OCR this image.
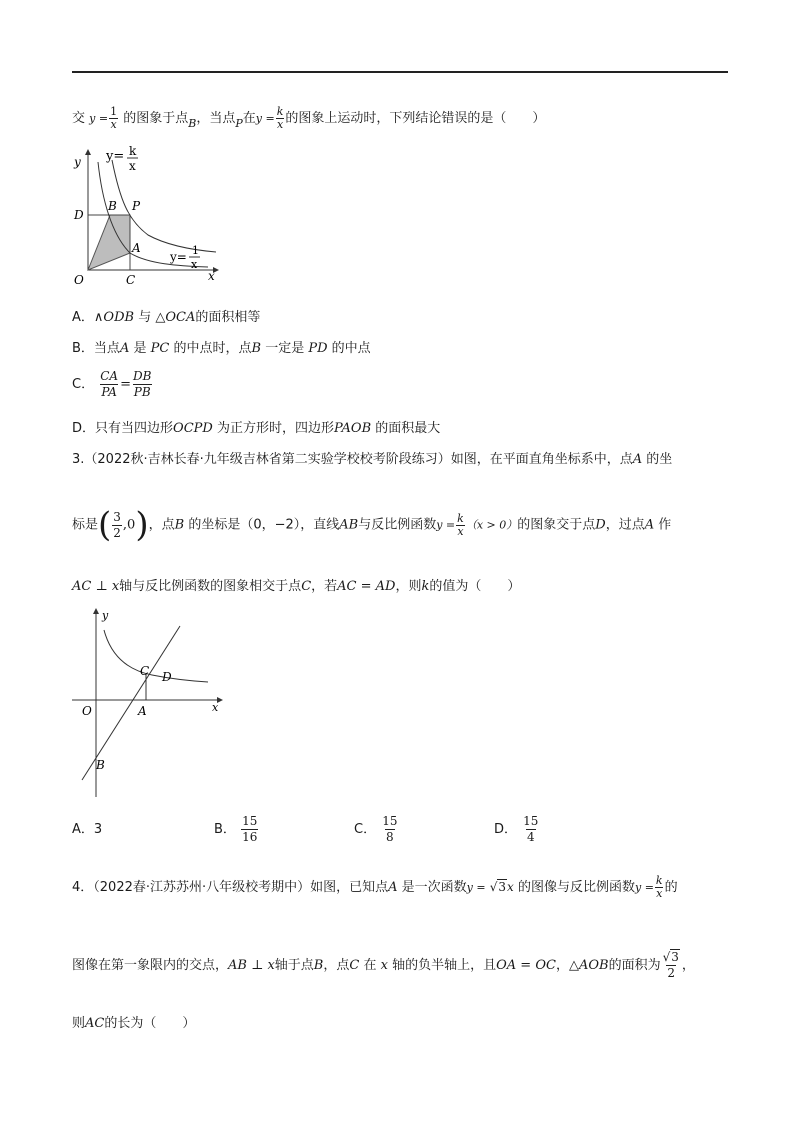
交 $y = \frac{1}{x}$ 的图象于点$_B$，当点$_P$在$y = \frac{k}{x}$ 的图象上运动时，下列结论错误的是（　　）
y
x
O
D
B P
A
C
y= k
x
y= 1
x
A．∧ODB 与 △OCA的面积相等
B．当点A 是 PC 的中点时，点B 一定是 PD 的中点
C． $\frac{CA}{PA} = \frac{DB}{PB}$
D．只有当四边形OCPD 为正方形时，四边形PAOB 的面积最大
3.（2022秋·吉林长春·九年级吉林省第二实验学校校考阶段练习）如图，在平面直角坐标系中，点A 的坐
标是( $\frac{3}{2} ,0$)，点B 的坐标是（0，−2），直线AB与反比例函数$y = \frac{k}{x} (x > 0)$的图象交于点D，过点A 作
AC ⊥ x轴与反比例函数的图象相交于点C，若AC = AD，则k的值为（　　）
y
x
O	A
B
C D
A．3	B． $\frac{15}{16}$	C． $\frac{15}{8}$	D． $\frac{15}{4}$
4．（2022春·江苏苏州·八年级校考期中）如图，已知点A 是一次函数y = √3x 的图像与反比例函数$y = \frac{k}{x}$ 的
图像在第一象限内的交点，AB ⊥ x轴于点B，点C 在 x 轴的负半轴上，且OA = OC，△AOB的面积为 $\frac{√3}{2}$ ，
则AC的长为（　　）
